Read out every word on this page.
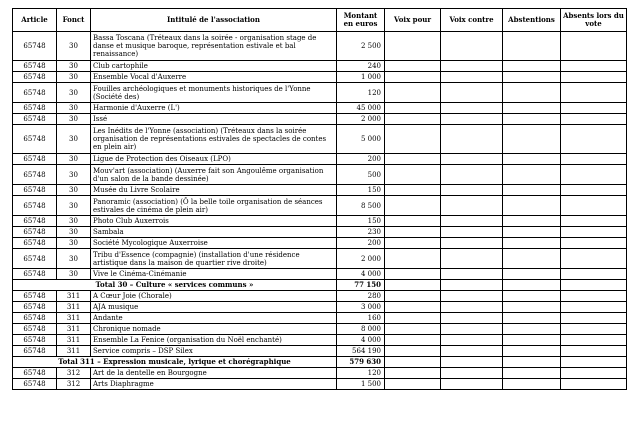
Article	Fonct	Intitulé de l'association	Montant en euros	Voix pour	Voix contre	Abstentions	Absents lors du vote
65748	30	Bassa Toscana (Tréteaux dans la soirée - organisation stage de danse et musique baroque, représentation estivale et bal renaissance)	2 500				
65748	30	Club cartophile	240				
65748	30	Ensemble Vocal d'Auxerre	1 000				
65748	30	Fouilles archéologiques et monuments historiques de l'Yonne (Société des)	120				
65748	30	Harmonie d'Auxerre (L')	45 000				
65748	30	Issé	2 000				
65748	30	Les Inédits de l'Yonne (association) (Tréteaux dans la soirée organisation de représentations estivales de spectacles de contes en plein air)	5 000				
65748	30	Ligue de Protection des Oiseaux (LPO)	200				
65748	30	Mouv'art (association) (Auxerre fait son Angoulême organisation d'un salon de la bande dessinée)	500				
65748	30	Musée du Livre Scolaire	150				
65748	30	Panoramic (association) (Ô la belle toile organisation de séances estivales de cinéma de plein air)	8 500				
65748	30	Photo Club Auxerrois	150				
65748	30	Sambala	230				
65748	30	Société Mycologique Auxerroise	200				
65748	30	Tribu d'Essence (compagnie) (installation d'une résidence artistique dans la maison de quartier rive droite)	2 000				
65748	30	Vive le Cinéma-Cinémanie	4 000				
Total 30 – Culture « services communs »			77 150				
65748	311	A Cœur Joie (Chorale)	280				
65748	311	AJA musique	3 000				
65748	311	Andante	160				
65748	311	Chronique nomade	8 000				
65748	311	Ensemble La Fenice (organisation du Noël enchanté)	4 000				
65748	311	Service compris – DSP Silex	564 190				
Total 311 – Expression musicale, lyrique et chorégraphique			579 630				
65748	312	Art de la dentelle en Bourgogne	120				
65748	312	Arts Diaphragme	1 500				
